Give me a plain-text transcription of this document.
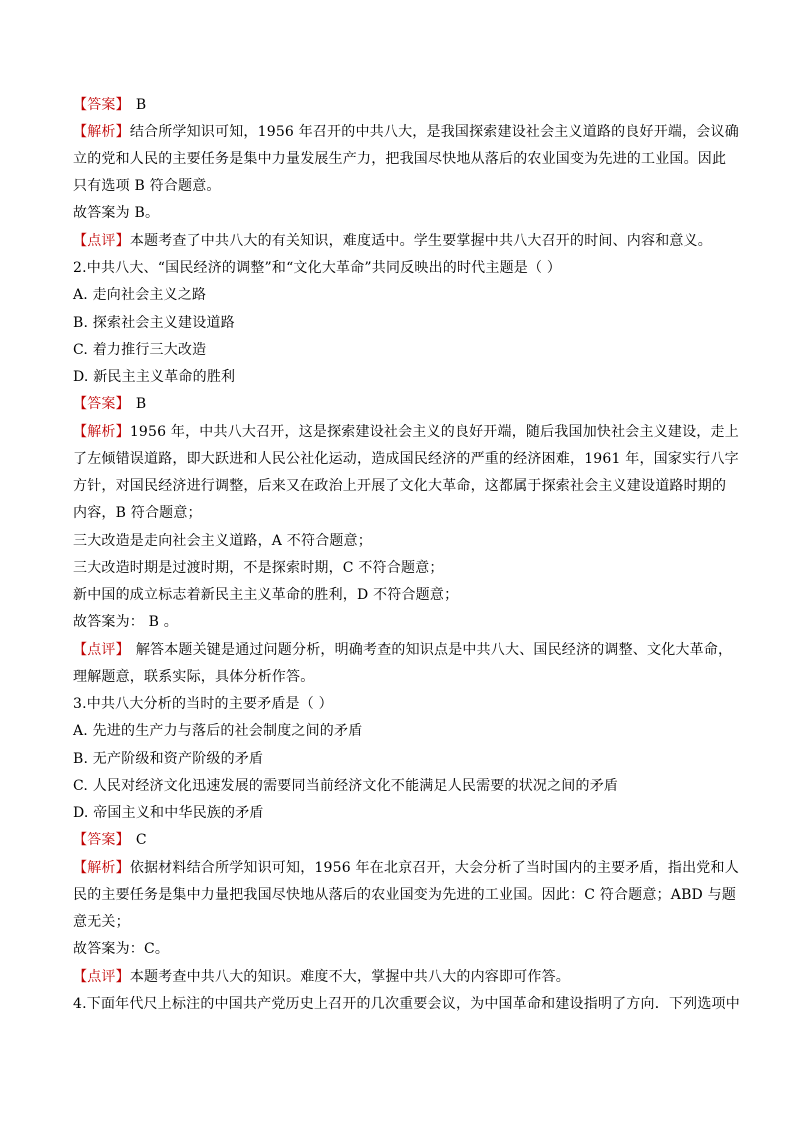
【答案】 B
【解析】结合所学知识可知，1956 年召开的中共八大，是我国探索建设社会主义道路的良好开端，会议确
立的党和人民的主要任务是集中力量发展生产力，把我国尽快地从落后的农业国变为先进的工业国。因此
只有选项 B 符合题意。
故答案为 B。
【点评】本题考查了中共八大的有关知识，难度适中。学生要掌握中共八大召开的时间、内容和意义。
2.中共八大、“国民经济的调整”和“文化大革命”共同反映出的时代主题是（ ）
A. 走向社会主义之路
B. 探索社会主义建设道路
C. 着力推行三大改造
D. 新民主主义革命的胜利
【答案】 B
【解析】1956 年，中共八大召开，这是探索建设社会主义的良好开端，随后我国加快社会主义建设，走上
了左倾错误道路，即大跃进和人民公社化运动，造成国民经济的严重的经济困难，1961 年，国家实行八字
方针，对国民经济进行调整，后来又在政治上开展了文化大革命，这都属于探索社会主义建设道路时期的
内容，B 符合题意；
三大改造是走向社会主义道路，A 不符合题意；
三大改造时期是过渡时期，不是探索时期，C 不符合题意；
新中国的成立标志着新民主主义革命的胜利，D 不符合题意；
故答案为： B 。
【点评】 解答本题关键是通过问题分析，明确考查的知识点是中共八大、国民经济的调整、文化大革命，
理解题意，联系实际，具体分析作答。
3.中共八大分析的当时的主要矛盾是（ ）
A. 先进的生产力与落后的社会制度之间的矛盾
B. 无产阶级和资产阶级的矛盾
C. 人民对经济文化迅速发展的需要同当前经济文化不能满足人民需要的状况之间的矛盾
D. 帝国主义和中华民族的矛盾
【答案】 C
【解析】依据材料结合所学知识可知，1956 年在北京召开，大会分析了当时国内的主要矛盾，指出党和人
民的主要任务是集中力量把我国尽快地从落后的农业国变为先进的工业国。因此：C 符合题意；ABD 与题
意无关；
故答案为：C。
【点评】本题考查中共八大的知识。难度不大，掌握中共八大的内容即可作答。
4.下面年代尺上标注的中国共产党历史上召开的几次重要会议，为中国革命和建设指明了方向．下列选项中
